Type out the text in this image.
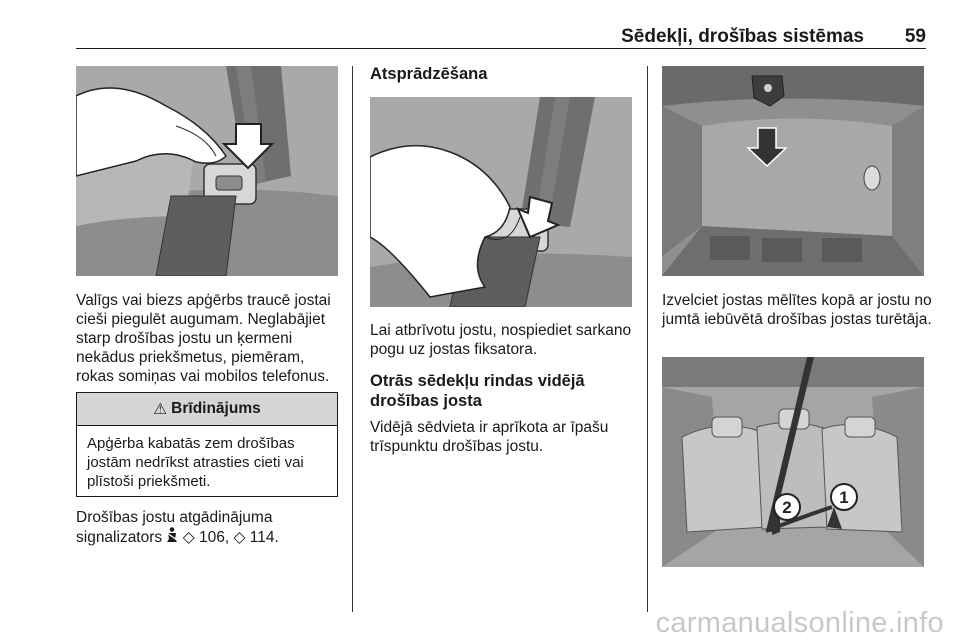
Sēdekļi, drošības sistēmas 59

Valīgs vai biezs apģērbs traucē jostai cieši piegulēt augumam. Neglabājiet starp drošības jostu un ķermeni nekādus priekšmetus, piemēram, rokas somiņas vai mobilos telefonus.

⚠ Brīdinājums
Apģērba kabatās zem drošības jostām nedrīkst atrasties cieti vai plīstoši priekšmeti.

Drošības jostu atgādinājuma
signalizators ◇ 106, ◇ 114.

Atsprādzēšana

Lai atbrīvotu jostu, nospiediet sarkano pogu uz jostas fiksatora.

Otrās sēdekļu rindas vidējā drošības josta

Vidējā sēdvieta ir aprīkota ar īpašu trīspunktu drošības jostu.

Izvelciet jostas mēlītes kopā ar jostu no jumtā iebūvētā drošības jostas turētāja.

2
1
carmanualsonline.info
